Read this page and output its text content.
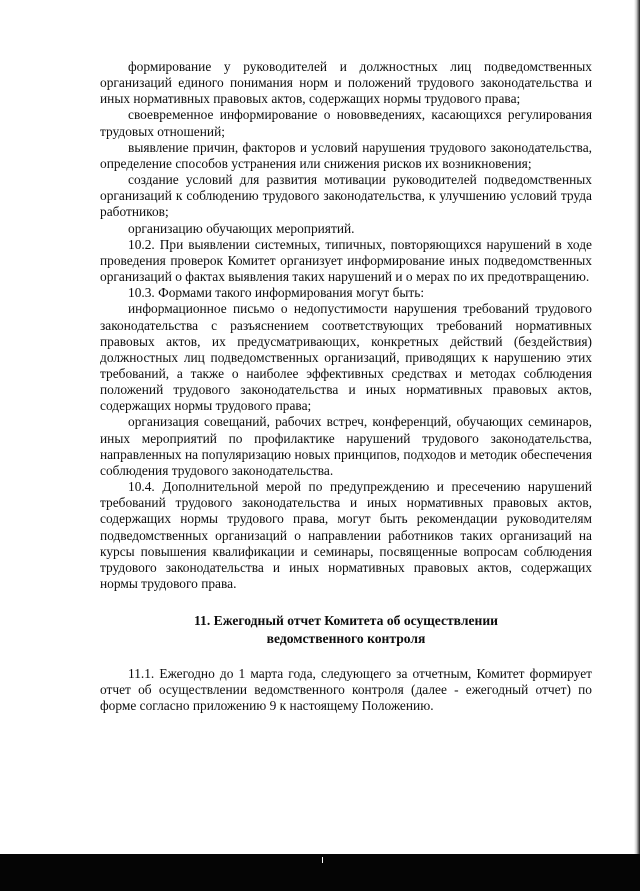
формирование у руководителей и должностных лиц подведомственных организаций единого понимания норм и положений трудового законодательства и иных нормативных правовых актов, содержащих нормы трудового права;

своевременное информирование о нововведениях, касающихся регулирования трудовых отношений;

выявление причин, факторов и условий нарушения трудового законодательства, определение способов устранения или снижения рисков их возникновения;

создание условий для развития мотивации руководителей подведомственных организаций к соблюдению трудового законодательства, к улучшению условий труда работников;

организацию обучающих мероприятий.

10.2. При выявлении системных, типичных, повторяющихся нарушений в ходе проведения проверок Комитет организует информирование иных подведомственных организаций о фактах выявления таких нарушений и о мерах по их предотвращению.

10.3. Формами такого информирования могут быть:

информационное письмо о недопустимости нарушения требований трудового законодательства с разъяснением соответствующих требований нормативных правовых актов, их предусматривающих, конкретных действий (бездействия) должностных лиц подведомственных организаций, приводящих к нарушению этих требований, а также о наиболее эффективных средствах и методах соблюдения положений трудового законодательства и иных нормативных правовых актов, содержащих нормы трудового права;

организация совещаний, рабочих встреч, конференций, обучающих семинаров, иных мероприятий по профилактике нарушений трудового законодательства, направленных на популяризацию новых принципов, подходов и методик обеспечения соблюдения трудового законодательства.

10.4. Дополнительной мерой по предупреждению и пресечению нарушений требований трудового законодательства и иных нормативных правовых актов, содержащих нормы трудового права, могут быть рекомендации руководителям подведомственных организаций о направлении работников таких организаций на курсы повышения квалификации и семинары, посвященные вопросам соблюдения трудового законодательства и иных нормативных правовых актов, содержащих нормы трудового права.

11. Ежегодный отчет Комитета об осуществлении
ведомственного контроля

11.1. Ежегодно до 1 марта года, следующего за отчетным, Комитет формирует отчет об осуществлении ведомственного контроля (далее - ежегодный отчет) по форме согласно приложению 9 к настоящему Положению.
